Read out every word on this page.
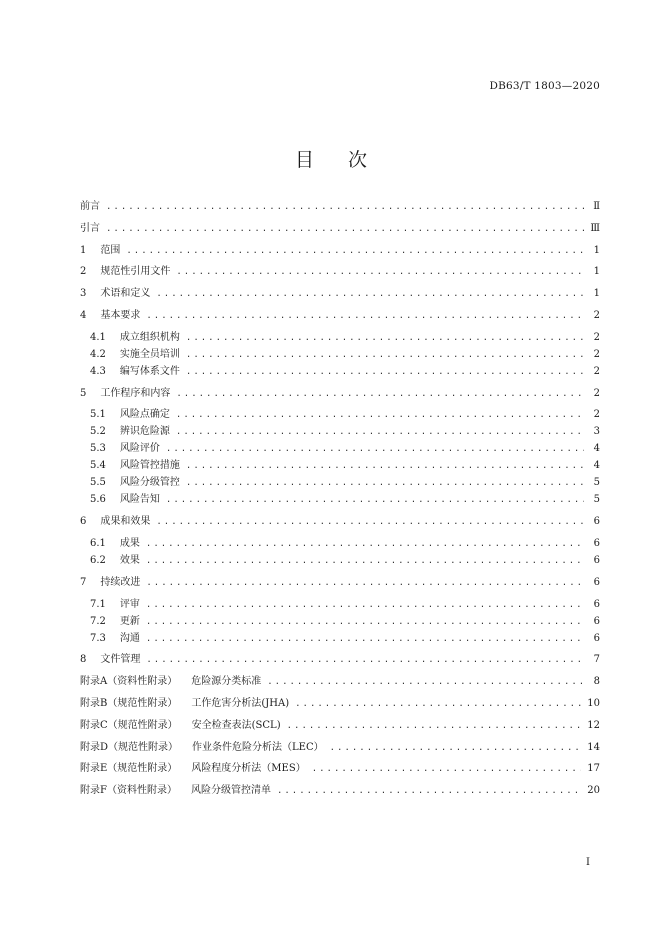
DB63/T 1803—2020
目 次
前言 .....	Ⅱ
引言 .....	Ⅲ
1 范围 .....	1
2 规范性引用文件 .....	1
3 术语和定义 .....	1
4 基本要求 .....	2
4.1 成立组织机构 .....	2
4.2 实施全员培训 .....	2
4.3 编写体系文件 .....	2
5 工作程序和内容 .....	2
5.1 风险点确定 .....	2
5.2 辨识危险源 .....	3
5.3 风险评价 .....	4
5.4 风险管控措施 .....	4
5.5 风险分级管控 .....	5
5.6 风险告知 .....	5
6 成果和效果 .....	6
6.1 成果 .....	6
6.2 效果 .....	6
7 持续改进 .....	6
7.1 评审 .....	6
7.2 更新 .....	6
7.3 沟通 .....	6
8 文件管理 .....	7
附录A（资料性附录） 危险源分类标准 .....	8
附录B（规范性附录） 工作危害分析法(JHA) .....	10
附录C（规范性附录） 安全检查表法(SCL) .....	12
附录D（规范性附录） 作业条件危险分析法（LEC） .....	14
附录E（规范性附录） 风险程度分析法（MES） .....	17
附录F（资料性附录） 风险分级管控清单 .....	20
I
